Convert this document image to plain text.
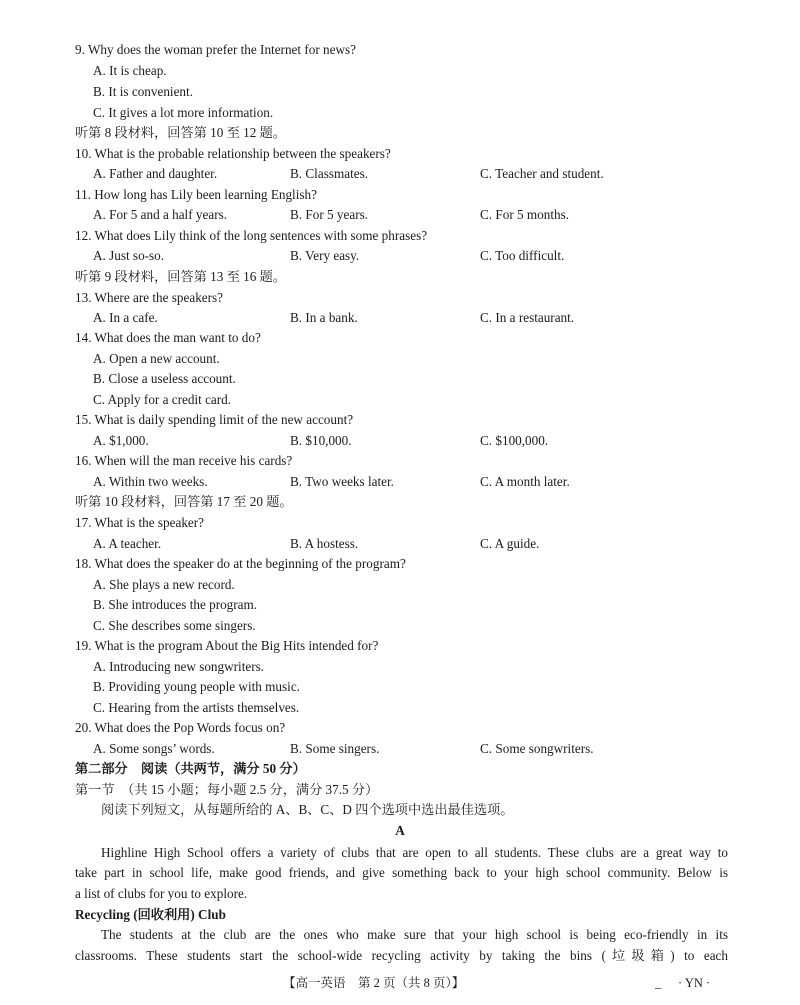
9. Why does the woman prefer the Internet for news?
A. It is cheap.
B. It is convenient.
C. It gives a lot more information.
听第 8 段材料，回答第 10 至 12 题。
10. What is the probable relationship between the speakers?
A. Father and daughter.	B. Classmates.	C. Teacher and student.
11. How long has Lily been learning English?
A. For 5 and a half years.	B. For 5 years.	C. For 5 months.
12. What does Lily think of the long sentences with some phrases?
A. Just so-so.	B. Very easy.	C. Too difficult.
听第 9 段材料，回答第 13 至 16 题。
13. Where are the speakers?
A. In a cafe.	B. In a bank.	C. In a restaurant.
14. What does the man want to do?
A. Open a new account.
B. Close a useless account.
C. Apply for a credit card.
15. What is daily spending limit of the new account?
A. $1,000.	B. $10,000.	C. $100,000.
16. When will the man receive his cards?
A. Within two weeks.	B. Two weeks later.	C. A month later.
听第 10 段材料，回答第 17 至 20 题。
17. What is the speaker?
A. A teacher.	B. A hostess.	C. A guide.
18. What does the speaker do at the beginning of the program?
A. She plays a new record.
B. She introduces the program.
C. She describes some singers.
19. What is the program About the Big Hits intended for?
A. Introducing new songwriters.
B. Providing young people with music.
C. Hearing from the artists themselves.
20. What does the Pop Words focus on?
A. Some songs’ words.	B. Some singers.	C. Some songwriters.
第二部分　阅读（共两节，满分 50 分）
第一节　（共 15 小题；每小题 2.5 分，满分 37.5 分）
阅读下列短文，从每题所给的 A、B、C、D 四个选项中选出最佳选项。
A
Highline High School offers a variety of clubs that are open to all students. These clubs are a great way to
take part in school life, make good friends, and give something back to your high school community. Below is
a list of clubs for you to explore.
Recycling (回收利用) Club
The students at the club are the ones who make sure that your high school is being eco-friendly in its
classrooms. These students start the school-wide recycling activity by taking the bins (垃圾箱) to each
【高一英语　第 2 页（共 8 页）】	_ · YN ·
